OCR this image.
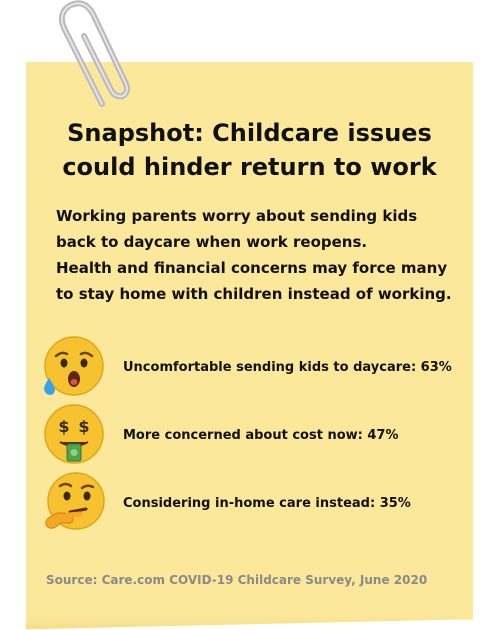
Snapshot: Childcare issues
could hinder return to work
Working parents worry about sending kids
back to daycare when work reopens.
Health and financial concerns may force many
to stay home with children instead of working.
Uncomfortable sending kids to daycare: 63%
$ $	More concerned about cost now: 47%
Considering in-home care instead: 35%
Source: Care.com COVID-19 Childcare Survey, June 2020
